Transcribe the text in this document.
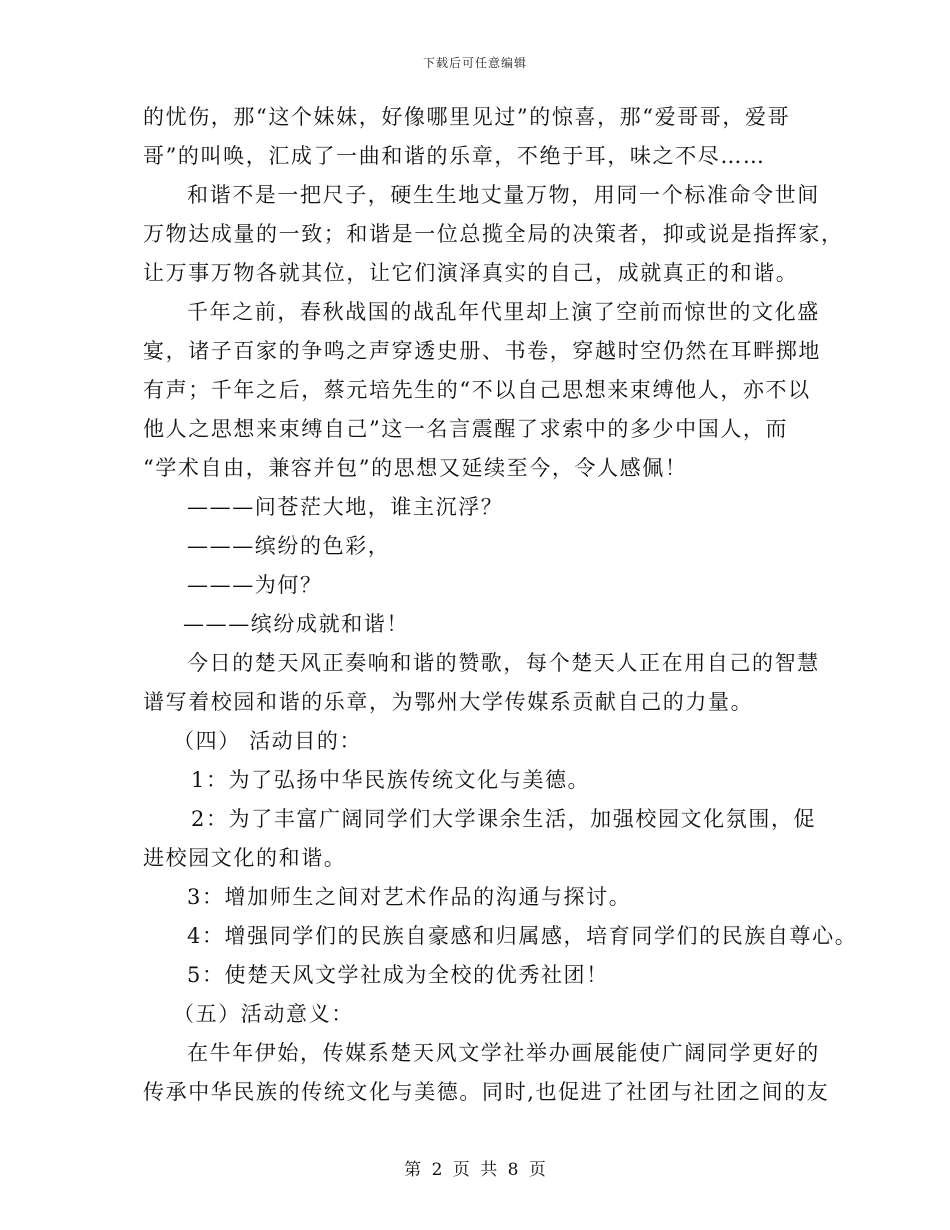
下载后可任意编辑
的忧伤，那“这个妹妹，好像哪里见过”的惊喜，那“爱哥哥，爱哥
哥”的叫唤，汇成了一曲和谐的乐章，不绝于耳，味之不尽……
和谐不是一把尺子，硬生生地丈量万物，用同一个标准命令世间
万物达成量的一致；和谐是一位总揽全局的决策者，抑或说是指挥家，
让万事万物各就其位，让它们演泽真实的自己，成就真正的和谐。
千年之前，春秋战国的战乱年代里却上演了空前而惊世的文化盛
宴，诸子百家的争鸣之声穿透史册、书卷，穿越时空仍然在耳畔掷地
有声；千年之后，蔡元培先生的“不以自己思想来束缚他人，亦不以
他人之思想来束缚自己”这一名言震醒了求索中的多少中国人，而
“学术自由，兼容并包”的思想又延续至今，令人感佩！
———问苍茫大地，谁主沉浮？
———缤纷的色彩，
———为何？
———缤纷成就和谐！
今日的楚天风正奏响和谐的赞歌，每个楚天人正在用自己的智慧
谱写着校园和谐的乐章，为鄂州大学传媒系贡献自己的力量。
（四） 活动目的：
1：为了弘扬中华民族传统文化与美德。
2：为了丰富广阔同学们大学课余生活，加强校园文化氛围，促
进校园文化的和谐。
3：增加师生之间对艺术作品的沟通与探讨。
4：增强同学们的民族自豪感和归属感，培育同学们的民族自尊心。
5：使楚天风文学社成为全校的优秀社团！
（五）活动意义：
在牛年伊始，传媒系楚天风文学社举办画展能使广阔同学更好的
传承中华民族的传统文化与美德。同时,也促进了社团与社团之间的友
第 2 页 共 8 页
